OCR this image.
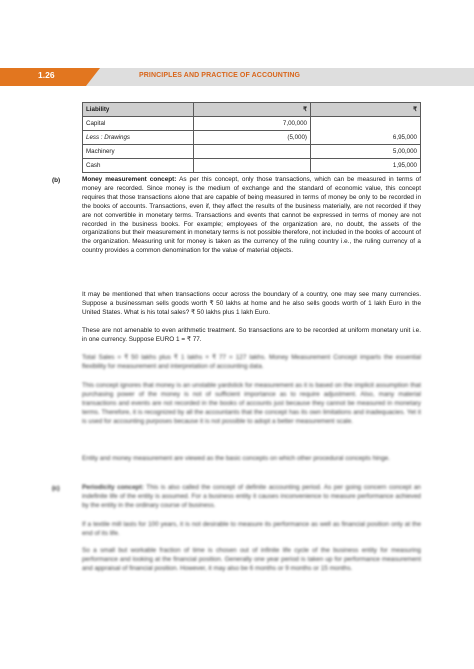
1.26	PRINCIPLES AND PRACTICE OF ACCOUNTING
Liability	₹	₹
Capital	7,00,000	
Less : Drawings	(5,000)	6,95,000
Machinery		5,00,000
Cash		1,95,000
(b)	Money measurement concept: As per this concept, only those transactions, which can be measured in terms of money are recorded. Since money is the medium of exchange and the standard of economic value, this concept requires that those transactions alone that are capable of being measured in terms of money be only to be recorded in the books of accounts. Transactions, even if, they affect the results of the business materially, are not recorded if they are not convertible in monetary terms. Transactions and events that cannot be expressed in terms of money are not recorded in the business books. For example; employees of the organization are, no doubt, the assets of the organizations but their measurement in monetary terms is not possible therefore, not included in the books of account of the organization. Measuring unit for money is taken as the currency of the ruling country i.e., the ruling currency of a country provides a common denomination for the value of material objects.
It may be mentioned that when transactions occur across the boundary of a country, one may see many currencies. Suppose a businessman sells goods worth ₹ 50 lakhs at home and he also sells goods worth of 1 lakh Euro in the United States. What is his total sales? ₹ 50 lakhs plus 1 lakh Euro.
These are not amenable to even arithmetic treatment. So transactions are to be recorded at uniform monetary unit i.e. in one currency. Suppose EURO 1 = ₹ 77.
Total Sales = ₹ 50 lakhs plus ₹ 1 lakhs × ₹ 77 = 127 lakhs. Money Measurement Concept imparts the essential flexibility for measurement and interpretation of accounting data.
This concept ignores that money is an unstable yardstick for measurement as it is based on the implicit assumption that purchasing power of the money is not of sufficient importance as to require adjustment. Also, many material transactions and events are not recorded in the books of accounts just because they cannot be measured in monetary terms. Therefore, it is recognized by all the accountants that the concept has its own limitations and inadequacies. Yet it is used for accounting purposes because it is not possible to adopt a better measurement scale.
Entity and money measurement are viewed as the basic concepts on which other procedural concepts hinge.
(c)	Periodicity concept: This is also called the concept of definite accounting period. As per going concern concept an indefinite life of the entity is assumed. For a business entity it causes inconvenience to measure performance achieved by the entity in the ordinary course of business.
If a textile mill lasts for 100 years, it is not desirable to measure its performance as well as financial position only at the end of its life.
So a small but workable fraction of time is chosen out of infinite life cycle of the business entity for measuring performance and looking at the financial position. Generally one year period is taken up for performance measurement and appraisal of financial position. However, it may also be 6 months or 9 months or 15 months.
